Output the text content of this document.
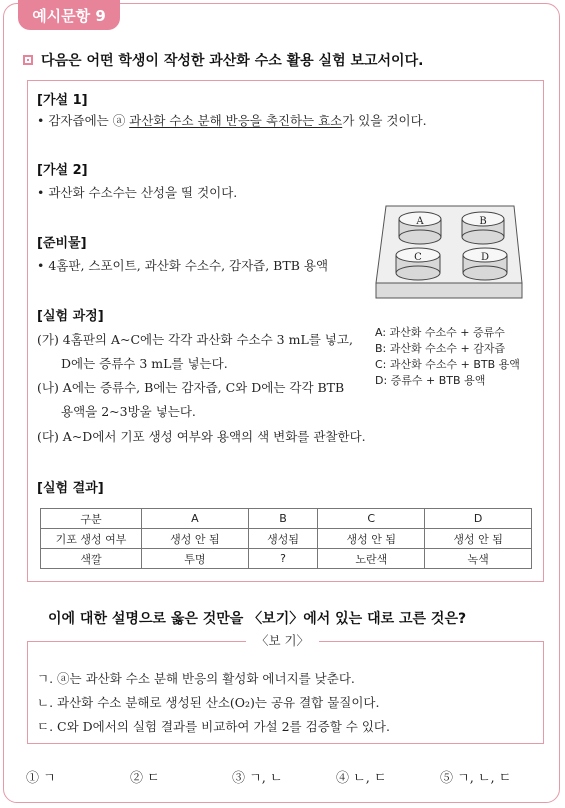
예시문항 9
다음은 어떤 학생이 작성한 과산화 수소 활용 실험 보고서이다.
[가설 1]
• 감자즙에는 ⓐ 과산화 수소 분해 반응을 촉진하는 효소가 있을 것이다.
[가설 2]
• 과산화 수소수는 산성을 띨 것이다.
[준비물]
• 4홈판, 스포이트, 과산화 수소수, 감자즙, BTB 용액
[실험 과정]
(가) 4홈판의 A~C에는 각각 과산화 수소수 3 mL를 넣고,
D에는 증류수 3 mL를 넣는다.
(나) A에는 증류수, B에는 감자즙, C와 D에는 각각 BTB
용액을 2~3방울 넣는다.
(다) A~D에서 기포 생성 여부와 용액의 색 변화를 관찰한다.
[실험 결과]
A	B
C	D
A: 과산화 수소수 + 증류수
B: 과산화 수소수 + 감자즙
C: 과산화 수소수 + BTB 용액
D: 증류수 + BTB 용액
구분	A	B	C	D
기포 생성 여부	생성 안 됨	생성됨	생성 안 됨	생성 안 됨
색깔	투명	?	노란색	녹색
이에 대한 설명으로 옳은 것만을 〈보기〉에서 있는 대로 고른 것은?
ㄱ. ⓐ는 과산화 수소 분해 반응의 활성화 에너지를 낮춘다.
ㄴ. 과산화 수소 분해로 생성된 산소(O₂)는 공유 결합 물질이다.
ㄷ. C와 D에서의 실험 결과를 비교하여 가설 2를 검증할 수 있다.
〈보 기〉
① ㄱ	② ㄷ	③ ㄱ, ㄴ	④ ㄴ, ㄷ	⑤ ㄱ, ㄴ, ㄷ
